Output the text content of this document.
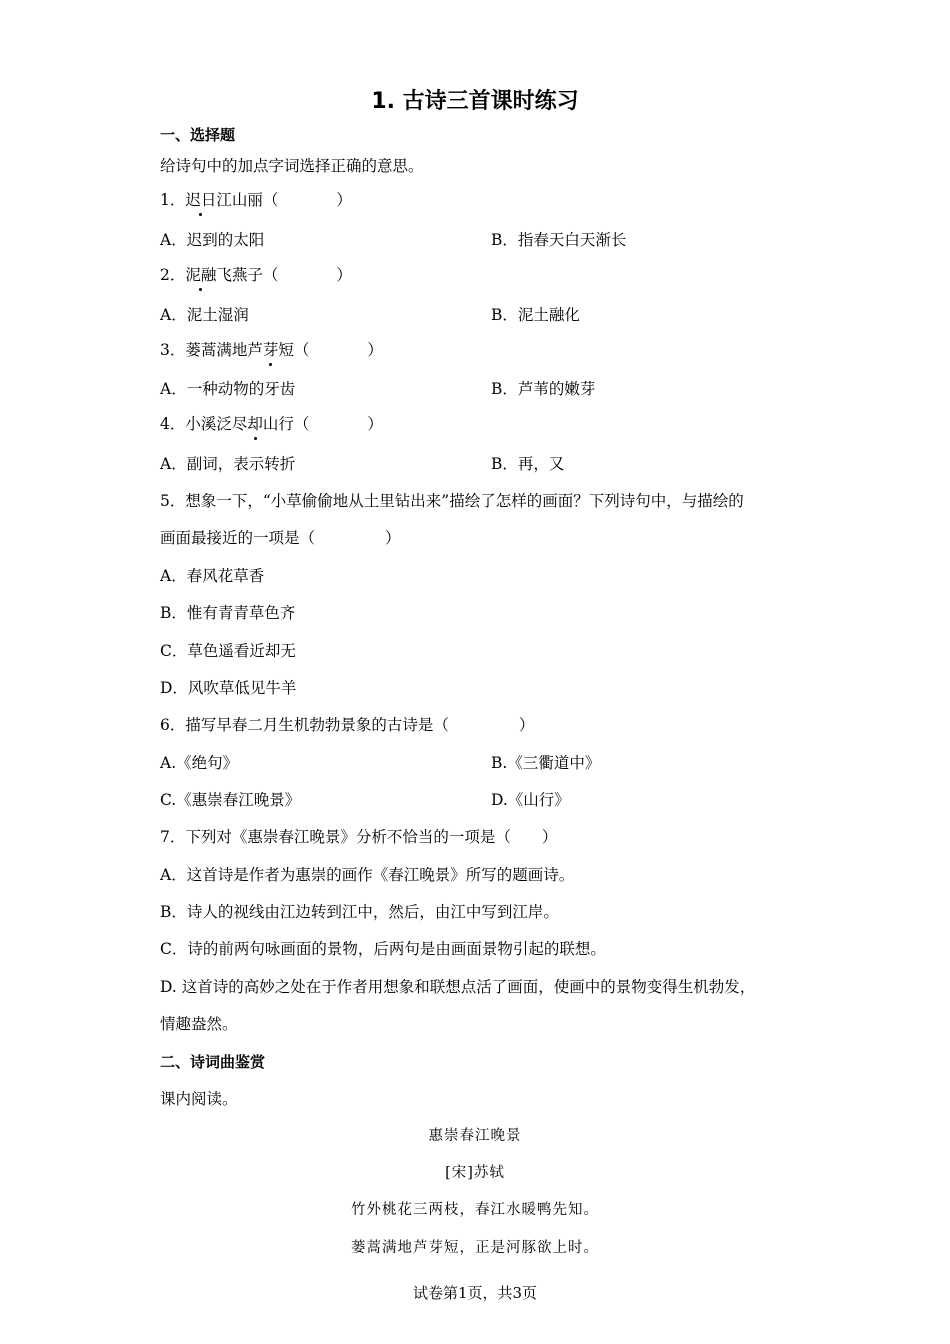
1. 古诗三首课时练习
一、选择题
给诗句中的加点字词选择正确的意思。
1．迟日江山丽（	）
A．迟到的太阳	B．指春天白天渐长
2．泥融飞燕子（	）
A．泥土湿润	B．泥土融化
3．蒌蒿满地芦芽短（	）
A．一种动物的牙齿	B．芦苇的嫩芽
4．小溪泛尽却山行（	）
A．副词，表示转折	B．再，又
5．想象一下，“小草偷偷地从土里钻出来”描绘了怎样的画面？下列诗句中，与描绘的
画面最接近的一项是（	）
A．春风花草香
B．惟有青青草色齐
C．草色遥看近却无
D．风吹草低见牛羊
6．描写早春二月生机勃勃景象的古诗是（	）
A.《绝句》	B.《三衢道中》
C.《惠崇春江晚景》	D.《山行》
7．下列对《惠崇春江晚景》分析不恰当的一项是（　　）
A．这首诗是作者为惠崇的画作《春江晚景》所写的题画诗。
B．诗人的视线由江边转到江中，然后，由江中写到江岸。
C．诗的前两句咏画面的景物，后两句是由画面景物引起的联想。
D. 这首诗的高妙之处在于作者用想象和联想点活了画面，使画中的景物变得生机勃发，
情趣盎然。
二、诗词曲鉴赏
课内阅读。
惠崇春江晚景
[宋]苏轼
竹外桃花三两枝，春江水暖鸭先知。
蒌蒿满地芦芽短，正是河豚欲上时。
试卷第1页，共3页
